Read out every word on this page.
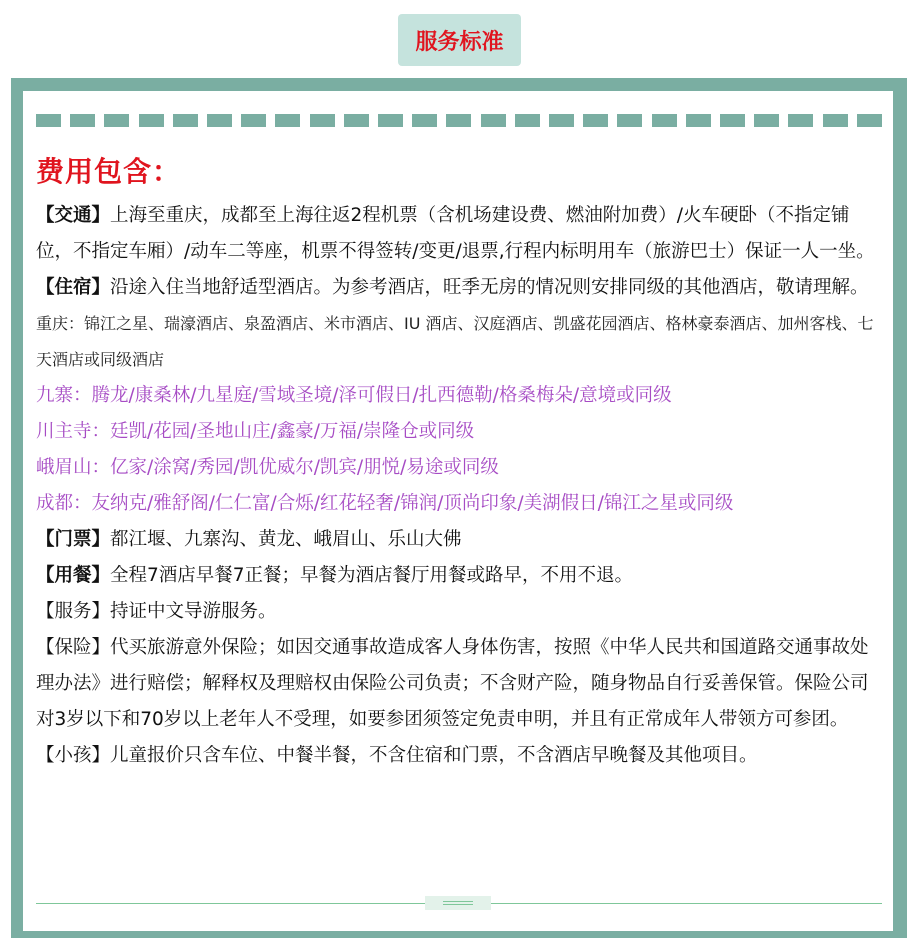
服务标准
费用包含：

【交通】上海至重庆，成都至上海往返2程机票（含机场建设费、燃油附加费）/火车硬卧（不指定铺位，不指定车厢）/动车二等座，机票不得签转/变更/退票,行程内标明用车（旅游巴士）保证一人一坐。

【住宿】沿途入住当地舒适型酒店。为参考酒店，旺季无房的情况则安排同级的其他酒店，敬请理解。

重庆：锦江之星、瑞濠酒店、泉盈酒店、米市酒店、IU 酒店、汉庭酒店、凯盛花园酒店、格林豪泰酒店、加州客栈、七天酒店或同级酒店

九寨：腾龙/康桑林/九星庭/雪域圣境/泽可假日/扎西德勒/格桑梅朵/意境或同级

川主寺：廷凯/花园/圣地山庄/鑫豪/万福/崇隆仓或同级

峨眉山：亿家/涂窝/秀园/凯优威尔/凯宾/朋悦/易途或同级

成都：友纳克/雅舒阁/仁仁富/合烁/红花轻奢/锦润/顶尚印象/美湖假日/锦江之星或同级

【门票】都江堰、九寨沟、黄龙、峨眉山、乐山大佛

【用餐】全程7酒店早餐7正餐；早餐为酒店餐厅用餐或路早，不用不退。

【服务】持证中文导游服务。

【保险】代买旅游意外保险；如因交通事故造成客人身体伤害，按照《中华人民共和国道路交通事故处理办法》进行赔偿；解释权及理赔权由保险公司负责；不含财产险，随身物品自行妥善保管。保险公司对3岁以下和70岁以上老年人不受理，如要参团须签定免责申明，并且有正常成年人带领方可参团。

【小孩】儿童报价只含车位、中餐半餐，不含住宿和门票，不含酒店早晚餐及其他项目。
